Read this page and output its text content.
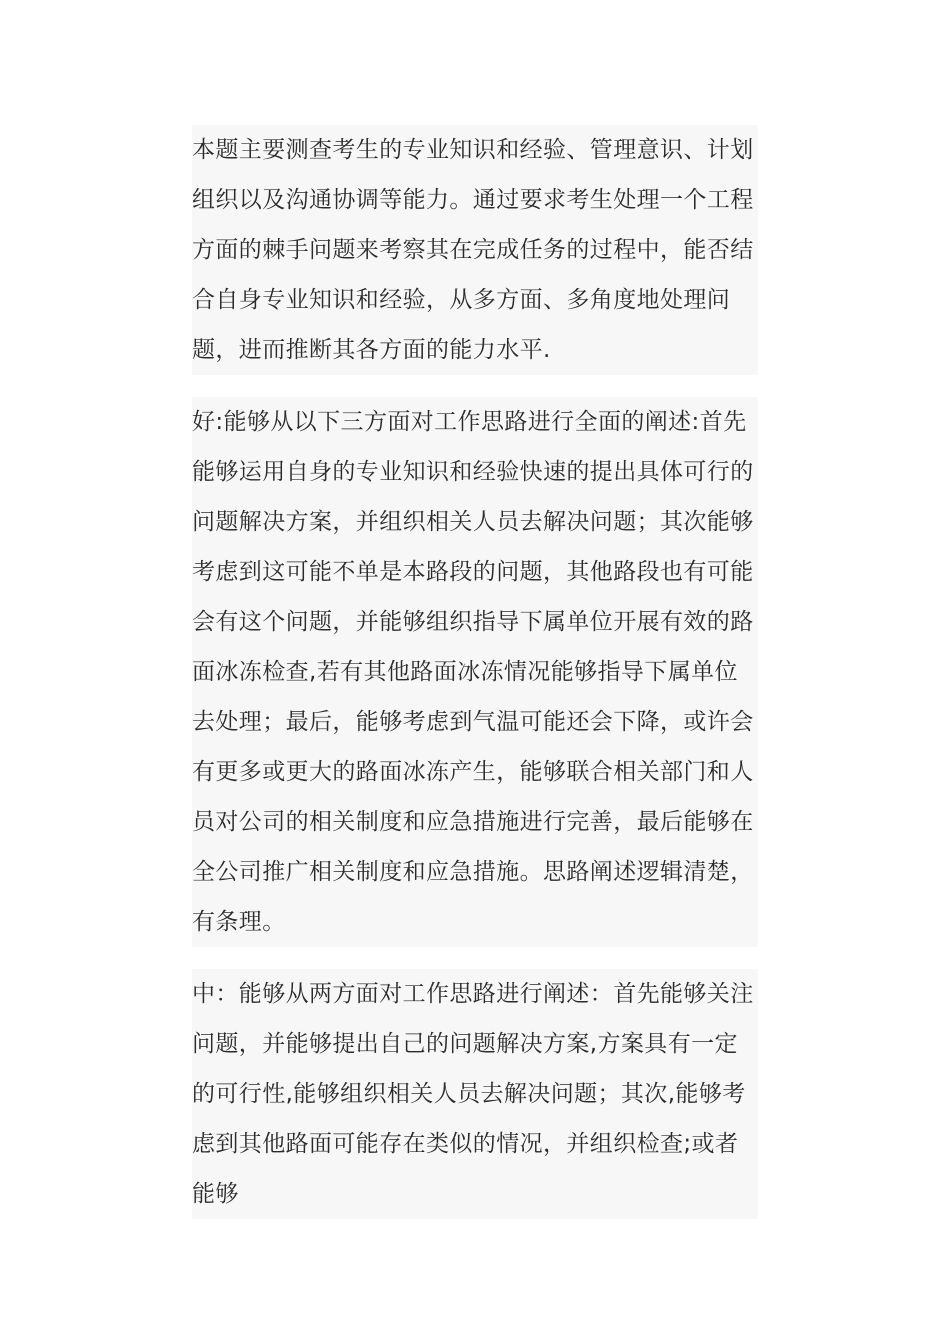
本题主要测查考生的专业知识和经验、管理意识、计划组织以及沟通协调等能力。通过要求考生处理一个工程方面的棘手问题来考察其在完成任务的过程中，能否结合自身专业知识和经验，从多方面、多角度地处理问题，进而推断其各方面的能力水平.

好:能够从以下三方面对工作思路进行全面的阐述:首先能够运用自身的专业知识和经验快速的提出具体可行的问题解决方案，并组织相关人员去解决问题；其次能够考虑到这可能不单是本路段的问题，其他路段也有可能会有这个问题，并能够组织指导下属单位开展有效的路面冰冻检查,若有其他路面冰冻情况能够指导下属单位去处理；最后，能够考虑到气温可能还会下降，或许会有更多或更大的路面冰冻产生，能够联合相关部门和人员对公司的相关制度和应急措施进行完善，最后能够在全公司推广相关制度和应急措施。思路阐述逻辑清楚，有条理。

中：能够从两方面对工作思路进行阐述：首先能够关注问题，并能够提出自己的问题解决方案,方案具有一定的可行性,能够组织相关人员去解决问题；其次,能够考虑到其他路面可能存在类似的情况，并组织检查;或者能够
